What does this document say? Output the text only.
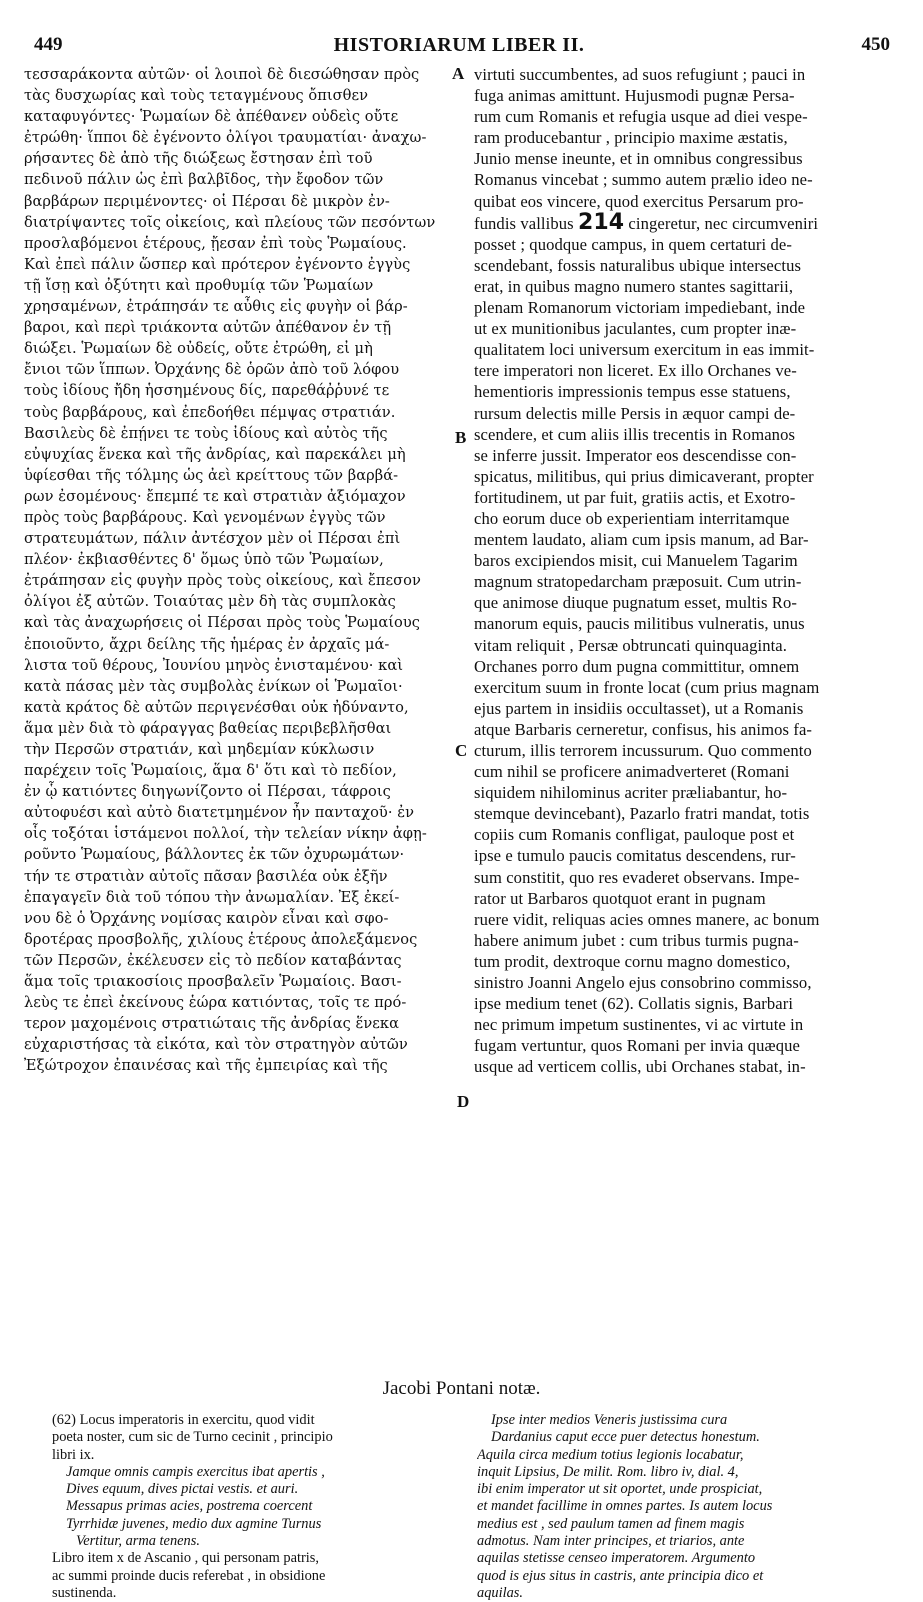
449	HISTORIARUM LIBER II.	450
τεσσαράκοντα αὐτῶν· οἱ λοιποὶ δὲ διεσώθησαν πρὸς
τὰς δυσχωρίας καὶ τοὺς τεταγμένους ὄπισθεν
καταφυγόντες· Ῥωμαίων δὲ ἀπέθανεν οὐδεὶς οὔτε
ἐτρώθη· ἵπποι δὲ ἐγένοντο ὀλίγοι τραυματίαι· ἀναχω-
ρήσαντες δὲ ἀπὸ τῆς διώξεως ἔστησαν ἐπὶ τοῦ
πεδινοῦ πάλιν ὡς ἐπὶ βαλβῖδος, τὴν ἔφοδον τῶν
βαρβάρων περιμένοντες· οἱ Πέρσαι δὲ μικρὸν ἐν-
διατρίψαντες τοῖς οἰκείοις, καὶ πλείους τῶν πεσόντων
προσλαβόμενοι ἑτέρους, ᾔεσαν ἐπὶ τοὺς Ῥωμαίους.
Καὶ ἐπεὶ πάλιν ὥσπερ καὶ πρότερον ἐγένοντο ἐγγὺς
τῇ ἴσῃ καὶ ὀξύτητι καὶ προθυμίᾳ τῶν Ῥωμαίων
χρησαμένων, ἐτράπησάν τε αὖθις εἰς φυγὴν οἱ βάρ-
βαροι, καὶ περὶ τριάκοντα αὐτῶν ἀπέθανον ἐν τῇ
διώξει. Ῥωμαίων δὲ οὐδείς, οὔτε ἐτρώθη, εἰ μὴ
ἔνιοι τῶν ἵππων. Ὀρχάνης δὲ ὁρῶν ἀπὸ τοῦ λόφου
τοὺς ἰδίους ἤδη ἡσσημένους δίς, παρεθάῤῥυνέ τε
τοὺς βαρβάρους, καὶ ἐπεδοήθει πέμψας στρατιάν.
Βασιλεὺς δὲ ἐπῄνει τε τοὺς ἰδίους καὶ αὐτὸς τῆς
εὐψυχίας ἕνεκα καὶ τῆς ἀνδρίας, καὶ παρεκάλει μὴ
ὑφίεσθαι τῆς τόλμης ὡς ἀεὶ κρείττους τῶν βαρβά-
ρων ἐσομένους· ἔπεμπέ τε καὶ στρατιὰν ἀξιόμαχον
πρὸς τοὺς βαρβάρους. Καὶ γενομένων ἐγγὺς τῶν
στρατευμάτων, πάλιν ἀντέσχον μὲν οἱ Πέρσαι ἐπὶ
πλέον· ἐκβιασθέντες δ' ὅμως ὑπὸ τῶν Ῥωμαίων,
ἐτράπησαν εἰς φυγὴν πρὸς τοὺς οἰκείους, καὶ ἔπεσον
ὀλίγοι ἐξ αὐτῶν. Τοιαύτας μὲν δὴ τὰς συμπλοκὰς
καὶ τὰς ἀναχωρήσεις οἱ Πέρσαι πρὸς τοὺς Ῥωμαίους
ἐποιοῦντο, ἄχρι δείλης τῆς ἡμέρας ἐν ἀρχαῖς μά-
λιστα τοῦ θέρους, Ἰουνίου μηνὸς ἐνισταμένου· καὶ
κατὰ πάσας μὲν τὰς συμβολὰς ἐνίκων οἱ Ῥωμαῖοι·
κατὰ κράτος δὲ αὐτῶν περιγενέσθαι οὐκ ἠδύναντο,
ἅμα μὲν διὰ τὸ φάραγγας βαθείας περιβεβλῆσθαι
τὴν Περσῶν στρατιάν, καὶ μηδεμίαν κύκλωσιν
παρέχειν τοῖς Ῥωμαίοις, ἅμα δ' ὅτι καὶ τὸ πεδίον,
ἐν ᾧ κατιόντες διηγωνίζοντο οἱ Πέρσαι, τάφροις
αὐτοφυέσι καὶ αὐτὸ διατετμημένον ἦν πανταχοῦ· ἐν
οἷς τοξόται ἱστάμενοι πολλοί, τὴν τελείαν νίκην ἀφῃ-
ροῦντο Ῥωμαίους, βάλλοντες ἐκ τῶν ὀχυρωμάτων·
τήν τε στρατιὰν αὐτοῖς πᾶσαν βασιλέα οὐκ ἐξῆν
ἐπαγαγεῖν διὰ τοῦ τόπου τὴν ἀνωμαλίαν. Ἐξ ἐκεί-
νου δὲ ὁ Ὀρχάνης νομίσας καιρὸν εἶναι καὶ σφο-
δροτέρας προσβολῆς, χιλίους ἑτέρους ἀπολεξάμενος
τῶν Περσῶν, ἐκέλευσεν εἰς τὸ πεδίον καταβάντας
ἅμα τοῖς τριακοσίοις προσβαλεῖν Ῥωμαίοις. Βασι-
λεὺς τε ἐπεὶ ἐκείνους ἑώρα κατιόντας, τοῖς τε πρό-
τερον μαχομένοις στρατιώταις τῆς ἀνδρίας ἕνεκα
εὐχαριστήσας τὰ εἰκότα, καὶ τὸν στρατηγὸν αὐτῶν
Ἐξώτροχον ἐπαινέσας καὶ τῆς ἐμπειρίας καὶ τῆς
A
B
C
D
virtuti succumbentes, ad suos refugiunt ; pauci in
fuga animas amittunt. Hujusmodi pugnæ Persa-
rum cum Romanis et refugia usque ad diei vespe-
ram producebantur , principio maxime æstatis,
Junio mense ineunte, et in omnibus congressibus
Romanus vincebat ; summo autem prælio ideo ne-
quibat eos vincere, quod exercitus Persarum pro-
fundis vallibus 214 cingeretur, nec circumveniri
posset ; quodque campus, in quem certaturi de-
scendebant, fossis naturalibus ubique intersectus
erat, in quibus magno numero stantes sagittarii,
plenam Romanorum victoriam impediebant, inde
ut ex munitionibus jaculantes, cum propter inæ-
qualitatem loci universum exercitum in eas immit-
tere imperatori non liceret. Ex illo Orchanes ve-
hementioris impressionis tempus esse statuens,
rursum delectis mille Persis in æquor campi de-
scendere, et cum aliis illis trecentis in Romanos
se inferre jussit. Imperator eos descendisse con-
spicatus, militibus, qui prius dimicaverant, propter
fortitudinem, ut par fuit, gratiis actis, et Exotro-
cho eorum duce ob experientiam interritamque
mentem laudato, aliam cum ipsis manum, ad Bar-
baros excipiendos misit, cui Manuelem Tagarim
magnum stratopedarcham præposuit. Cum utrin-
que animose diuque pugnatum esset, multis Ro-
manorum equis, paucis militibus vulneratis, unus
vitam reliquit , Persæ obtruncati quinquaginta.
Orchanes porro dum pugna committitur, omnem
exercitum suum in fronte locat (cum prius magnam
ejus partem in insidiis occultasset), ut a Romanis
atque Barbaris cerneretur, confisus, his animos fa-
cturum, illis terrorem incussurum. Quo commento
cum nihil se proficere animadverteret (Romani
siquidem nihilominus acriter præliabantur, ho-
stemque devincebant), Pazarlo fratri mandat, totis
copiis cum Romanis confligat, pauloque post et
ipse e tumulo paucis comitatus descendens, rur-
sum constitit, quo res evaderet observans. Impe-
rator ut Barbaros quotquot erant in pugnam
ruere vidit, reliquas acies omnes manere, ac bonum
habere animum jubet : cum tribus turmis pugna-
tum prodit, dextroque cornu magno domestico,
sinistro Joanni Angelo ejus consobrino commisso,
ipse medium tenet (62). Collatis signis, Barbari
nec primum impetum sustinentes, vi ac virtute in
fugam vertuntur, quos Romani per invia quæque
usque ad verticem collis, ubi Orchanes stabat, in-
Jacobi Pontani notæ.
(62) Locus imperatoris in exercitu, quod vidit
poeta noster, cum sic de Turno cecinit , principio
libri ix.
Jamque omnis campis exercitus ibat apertis ,
Dives equum, dives pictai vestis. et auri.
Messapus primas acies, postrema coercent
Tyrrhidæ juvenes, medio dux agmine Turnus
Vertitur, arma tenens.
Libro item x de Ascanio , qui personam patris,
ac summi proinde ducis referebat , in obsidione
sustinenda.
Ipse inter medios Veneris justissima cura
Dardanius caput ecce puer detectus honestum.
Aquila circa medium totius legionis locabatur,
inquit Lipsius, De milit. Rom. libro iv, dial. 4,
ibi enim imperator ut sit oportet, unde prospiciat,
et mandet facillime in omnes partes. Is autem locus
medius est , sed paulum tamen ad finem magis
admotus. Nam inter principes, et triarios, ante
aquilas stetisse censeo imperatorem. Argumento
quod is ejus situs in castris, ante principia dico et
aquilas.
